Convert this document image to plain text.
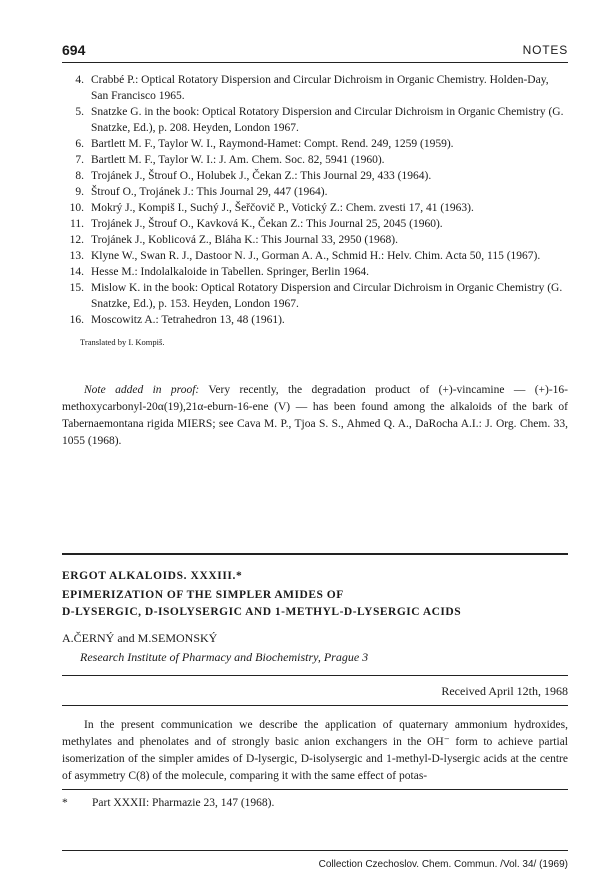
694	NOTES
4. Crabbé P.: Optical Rotatory Dispersion and Circular Dichroism in Organic Chemistry. Holden-Day, San Francisco 1965.
5. Snatzke G. in the book: Optical Rotatory Dispersion and Circular Dichroism in Organic Chemistry (G. Snatzke, Ed.), p. 208. Heyden, London 1967.
6. Bartlett M. F., Taylor W. I., Raymond-Hamet: Compt. Rend. 249, 1259 (1959).
7. Bartlett M. F., Taylor W. I.: J. Am. Chem. Soc. 82, 5941 (1960).
8. Trojánek J., Štrouf O., Holubek J., Čekan Z.: This Journal 29, 433 (1964).
9. Štrouf O., Trojánek J.: This Journal 29, 447 (1964).
10. Mokrý J., Kompiš I., Suchý J., Šeřčovič P., Votický Z.: Chem. zvesti 17, 41 (1963).
11. Trojánek J., Štrouf O., Kavková K., Čekan Z.: This Journal 25, 2045 (1960).
12. Trojánek J., Koblicová Z., Bláha K.: This Journal 33, 2950 (1968).
13. Klyne W., Swan R. J., Dastoor N. J., Gorman A. A., Schmid H.: Helv. Chim. Acta 50, 115 (1967).
14. Hesse M.: Indolalkaloide in Tabellen. Springer, Berlin 1964.
15. Mislow K. in the book: Optical Rotatory Dispersion and Circular Dichroism in Organic Chemistry (G. Snatzke, Ed.), p. 153. Heyden, London 1967.
16. Moscowitz A.: Tetrahedron 13, 48 (1961).
Translated by I. Kompiš.

Note added in proof: Very recently, the degradation product of (+)-vincamine — (+)-16-methoxycarbonyl-20α(19),21α-eburn-16-ene (V) — has been found among the alkaloids of the bark of Tabernaemontana rigida MIERS; see Cava M. P., Tjoa S. S., Ahmed Q. A., DaRocha A.I.: J. Org. Chem. 33, 1055 (1968).

ERGOT ALKALOIDS. XXXIII.*
EPIMERIZATION OF THE SIMPLER AMIDES OF
D-LYSERGIC, D-ISOLYSERGIC AND 1-METHYL-D-LYSERGIC ACIDS
A.ČERNÝ and M.SEMONSKÝ
Research Institute of Pharmacy and Biochemistry, Prague 3
Received April 12th, 1968

In the present communication we describe the application of quaternary ammonium hydroxides, methylates and phenolates and of strongly basic anion exchangers in the OH⁻ form to achieve partial isomerization of the simpler amides of D-lysergic, D-isolysergic and 1-methyl-D-lysergic acids at the centre of asymmetry C(8) of the molecule, comparing it with the same effect of potas-

* Part XXXII: Pharmazie 23, 147 (1968).
Collection Czechoslov. Chem. Commun. /Vol. 34/ (1969)
